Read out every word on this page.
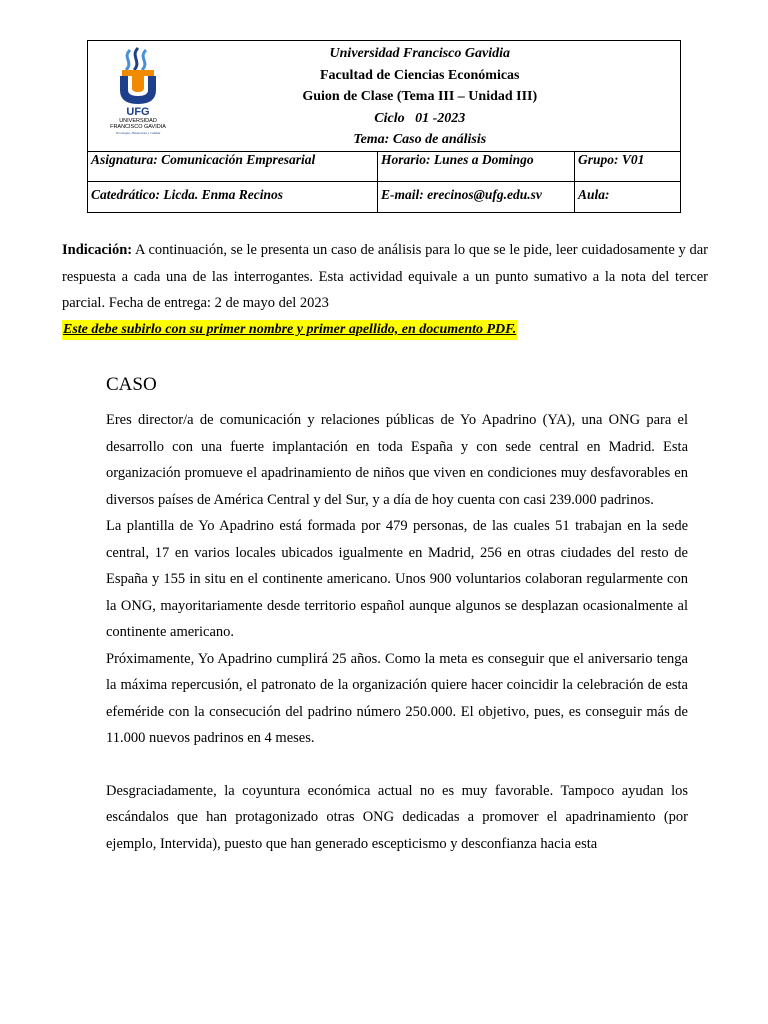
	Universidad Francisco Gavidia
Facultad de Ciencias Económicas
Guion de Clase (Tema III – Unidad III)
Ciclo   01 -2023
Tema: Caso de análisis		

Asignatura: Comunicación Empresarial		Horario: Lunes a Domingo	Grupo: V01
Catedrático: Licda. Enma Recinos		E-mail: erecinos@ufg.edu.sv	Aula:
UFG
UNIVERSIDAD
FRANCISCO GAVIDIA
Tecnología, Humanismo y Calidad
Indicación: A continuación, se le presenta un caso de análisis para lo que se le pide, leer cuidadosamente y dar respuesta a cada una de las interrogantes. Esta actividad equivale a un punto sumativo a la nota del tercer parcial. Fecha de entrega: 2 de mayo del 2023
Este debe subirlo con su primer nombre y primer apellido, en documento PDF.
CASO

Eres director/a de comunicación y relaciones públicas de Yo Apadrino (YA), una ONG para el desarrollo con una fuerte implantación en toda España y con sede central en Madrid. Esta organización promueve el apadrinamiento de niños que viven en condiciones muy desfavorables en diversos países de América Central y del Sur, y a día de hoy cuenta con casi 239.000 padrinos.

La plantilla de Yo Apadrino está formada por 479 personas, de las cuales 51 trabajan en la sede central, 17 en varios locales ubicados igualmente en Madrid, 256 en otras ciudades del resto de España y 155 in situ en el continente americano. Unos 900 voluntarios colaboran regularmente con la ONG, mayoritariamente desde territorio español aunque algunos se desplazan ocasionalmente al continente americano.

Próximamente, Yo Apadrino cumplirá 25 años. Como la meta es conseguir que el aniversario tenga la máxima repercusión, el patronato de la organización quiere hacer coincidir la celebración de esta efeméride con la consecución del padrino número 250.000. El objetivo, pues, es conseguir más de 11.000 nuevos padrinos en 4 meses.

Desgraciadamente, la coyuntura económica actual no es muy favorable. Tampoco ayudan los escándalos que han protagonizado otras ONG dedicadas a promover el apadrinamiento (por ejemplo, Intervida), puesto que han generado escepticismo y desconfianza hacia esta
